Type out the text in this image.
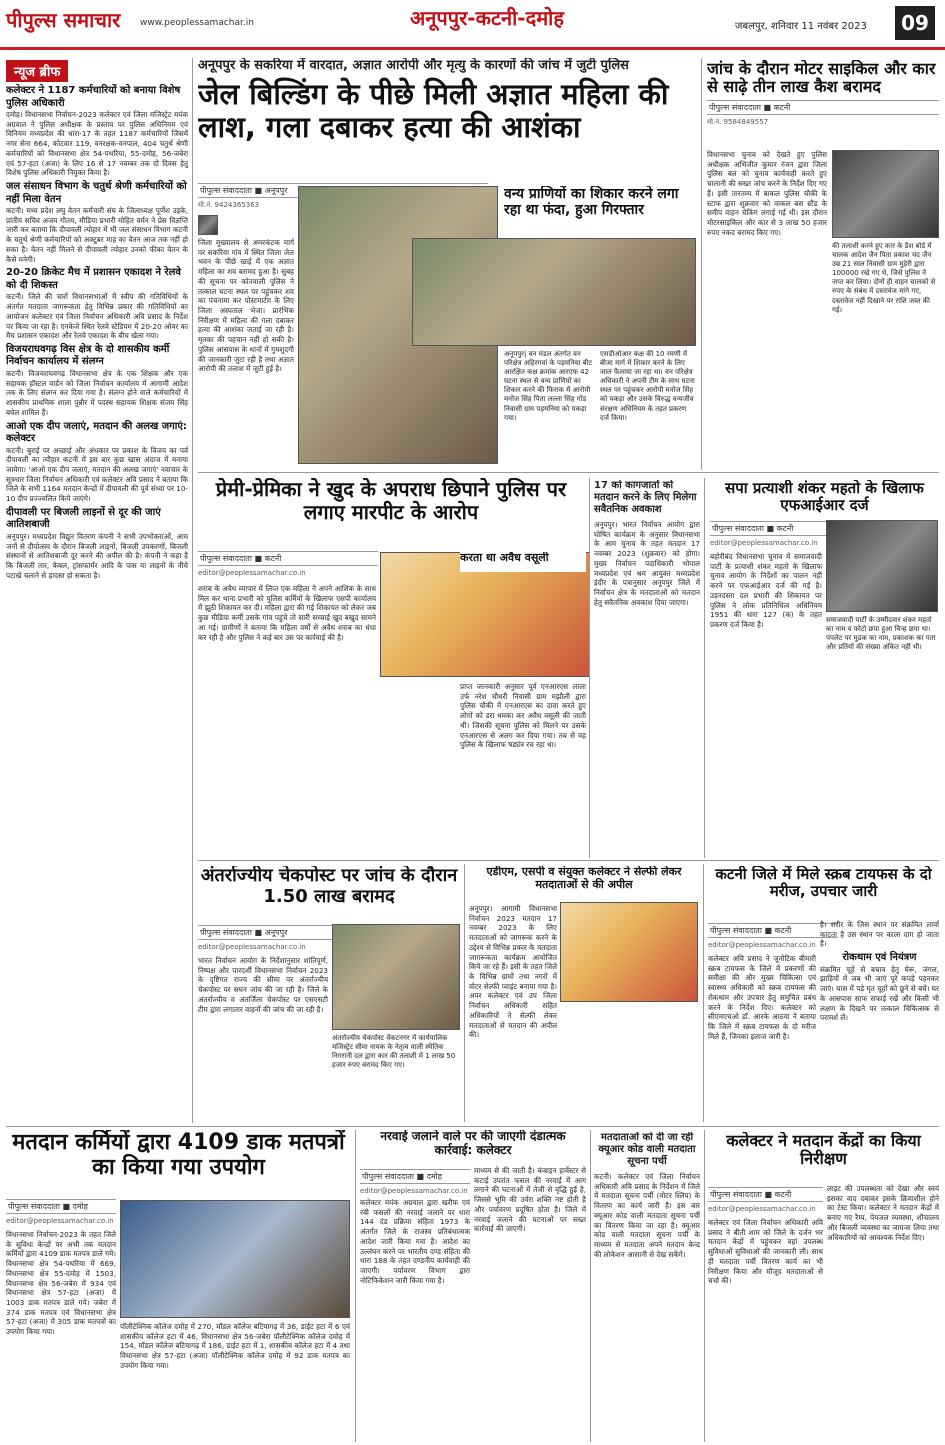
पीपुल्स समाचार www.peoplessamachar.in	अनूपपुर-कटनी-दमोह	जबलपुर, शनिवार 11 नवंबर 2023	09
न्यूज ब्रीफ
कलेक्टर ने 1187 कर्मचारियों को बनाया विशेष पुलिस अधिकारी
दमोह। विधानसभा निर्वाचन-2023 कलेक्टर एवं जिला मजिस्ट्रेट मयंक अग्रवाल ने पुलिस अधीक्षक के प्रस्ताव पर पुलिस अधिनियम एवं विनियम मध्यप्रदेश की धारा-17 के तहत 1187 कर्मचारियों जिसमें नगर सेना 664, कोटवार 119, वनरक्षक-वनपाल, 404 चतुर्थ श्रेणी कर्मचारियों को विधानसभा क्षेत्र 54-पथरिया, 55-दमोह, 56-जबेरा एवं 57-हटा (अजा) के लिए 16 से 17 नवम्बर तक दो दिवस हेतु विशेष पुलिस अधिकारी नियुक्त किया है।
जल संसाधन विभाग के चतुर्थ श्रेणी कर्मचारियों को नहीं मिला वेतन
कटनी। मध्य प्रदेश लघु वेतन कर्मचारी संघ के जिलाध्यक्ष पूर्णेश उइके, प्रांतीय सचिव अजय गौतम, मीडिया प्रभारी मोहित वर्मन ने प्रेस विज्ञप्ति जारी कर बताया कि दीपावली त्योहार में भी जल संसाधन विभाग कटनी के चतुर्थ श्रेणी कर्मचारियों को अक्टूबर माह का वेतन आज तक नहीं हो सका है। वेतन नहीं मिलने से दीपावली त्योहार उनको फीका वेतन के कैसे मनेगी।
20-20 क्रिकेट मैच में प्रशासन एकादश ने रेलवे को दी शिकस्त
कटनी। जिले की चारों विधानसभाओं में स्वीप की गतिविधियों के अंतर्गत मतदाता जागरूकता हेतु विभिन्न प्रकार की गतिविधियों का आयोजन कलेक्टर एवं जिला निर्वाचन अधिकारी अवि प्रसाद के निर्देश पर किया जा रहा है। एनकेजे स्थित रेलवे स्टेडियम में 20-20 ओवर का मैच प्रशासन एकादश और रेलवे एकादश के बीच खेला गया।
विजयराघवगढ़ विस क्षेत्र के दो शासकीय कर्मी निर्वाचन कार्यालय में संलग्न
कटनी। विजयराघवगढ़ विधानसभा क्षेत्र के एक शिक्षक और एक सहायक हॉस्टल वार्डन को जिला निर्वाचन कार्यालय में आगामी आदेश तक के लिए संलग्न कर दिया गया है। संलग्न होने वाले कर्मचारियों में शासकीय प्राथमिक शाला पुन्नौर में पदस्थ सहायक शिक्षक संजय सिंह बघेल शामिल हैं।
आओ एक दीप जलाएं, मतदान की अलख जगाएं: कलेक्टर
कटनी। बुराई पर अच्छाई और अंधकार पर प्रकाश के विजय का पर्व दीपावली का त्यौहार कटनी में इस बार कुछ खास अंदाज में मनाया जायेगा। 'आओ एक दीप जलाएं, मतदान की अलख जगाएं' नवाचार के सूत्रधार जिला निर्वाचन अधिकारी एवं कलेक्टर अवि प्रसाद ने बताया कि जिले के सभी 1164 मतदान केन्द्रों में दीपावली की पूर्व संध्या पर 10-10 दीप प्रज्ज्वलित किये जाएंगे।
दीपावली पर बिजली लाइनों से दूर की जाएं आतिशबाजी
अनूपपुर। मध्यप्रदेश विद्युत वितरण कंपनी ने सभी उपभोक्ताओं, आम जनों से दीपोत्सव के दौरान बिजली लाइनों, बिजली उपकरणों, बिजली संस्थानों से आतिशबाजी दूर करने की अपील की है। कंपनी ने कहा है कि बिजली तार, केबल, ट्रांसफार्मर आदि के पास या लाइनों के नीचे पटाखे चलाने से हादसा हो सकता है।
अनूपपुर के सकरिया में वारदात, अज्ञात आरोपी और मृत्यु के कारणों की जांच में जुटी पुलिस
जेल बिल्डिंग के पीछे मिली अज्ञात महिला की लाश, गला दबाकर हत्या की आशंका
पीपुल्स संवाददाता ■ अनूपपुर
मो.नं. 9424365363
जिला मुख्यालय से अमरकंटक मार्ग पर सकरिया गांव में स्थित जिला जेल भवन के पीछे खाई में एक अज्ञात महिला का शव बरामद हुआ है। सुबह की सूचना पर कोतवाली पुलिस ने तत्काल घटना स्थल पर पहुंचकर शव का पंचनामा कर पोस्टमार्टम के लिए जिला अस्पताल भेजा। प्रारंभिक निरीक्षण में महिला की गला दबाकर हत्या की आशंका जताई जा रही है। मृतका की पहचान नहीं हो सकी है। पुलिस आसपास के थानों में गुमशुदगी की जानकारी जुटा रही है तथा अज्ञात आरोपी की तलाश में जुटी हुई है।
वन्य प्राणियों का शिकार करने लगा रहा था फंदा, हुआ गिरफ्तार
अनूपपुर| वन मंडल अंतर्गत वन परिक्षेत्र अहिरगवां के पड़मनिया बीट आरक्षित कक्ष क्रमांक आरएफ 42 घटना स्थल से वन्य प्राणियों का शिकार करने की फिराक में आरोपी मनोज सिंह पिता लल्ला सिंह गोंड निवासी ग्राम पड़मनिया को पकड़ा गया।
एसडीओआर कक्ष की 10 रमणी में बीजा मार्ग में शिकार करने के लिए जाल फैलाया जा रहा था। वन परिक्षेत्र अधिकारी ने अपनी टीम के साथ घटना स्थल पर पहुंचकर आरोपी मनोज सिंह को पकड़ा और उसके विरुद्ध वन्यजीव संरक्षण अधिनियम के तहत प्रकरण दर्ज किया।
जांच के दौरान मोटर साइकिल और कार से साढ़े तीन लाख कैश बरामद
पीपुल्स संवाददाता ■ कटनी
मो.नं. 9584849557
विधानसभा चुनाव को देखते हुए पुलिस अधीक्षक अभिजीत कुमार रंजन द्वारा जिला पुलिस बल को चुनाव कार्यवाही करते हुए चालानी की सख्त जांच करने के निर्देश दिए गए हैं। इसी तारतम्य में बाकल पुलिस चौकी के स्टाफ द्वारा शुक्रवार को वाकल बस स्टैंड के समीप वाहन चेकिंग लगाई गई थी। इस दौरान मोटरसाइकिल और कार से 3 लाख 50 हजार रुपए नकद बरामद किए गए।
की तलाशी करने हुए कार के डैश बोर्ड में चालक आदेश जैन पिता प्रकाश चंद जैन उम्र 21 साल निवासी ग्राम मुड़ेरी द्वारा 100000 रखे गए थे, जिसे पुलिस ने जप्त कर लिया। दोनों ही वाहन चालकों से रुपए के संबंध में दस्तावेज मांगे गए, दस्तावेज नहीं दिखाने पर राशि जब्त की गई।
प्रेमी-प्रेमिका ने खुद के अपराध छिपाने पुलिस पर लगाए मारपीट के आरोप
पीपुल्स संवाददाता ■ कटनी
editor@peoplessamachar.co.in
शराब के अवैध व्यापार में लिप्त एक महिला ने अपने आशिक के साथ मिल कर थाना प्रभारी को पुलिस कर्मियों के खिलाफ एसपी कार्यालय में झूठी शिकायत कर दी। महिला द्वारा की गई शिकायत को लेकर जब कुछ मीडिया कर्मी उसके गांव पहुंचे तो सारी सच्चाई खुद बखुद सामने आ गई। ग्रामीणों ने बताया कि महिला वर्षों से अवैध शराब का धंधा कर रही है और पुलिस ने कई बार उस पर कार्रवाई की है।
करता था अवैध वसूली
प्राप्त जानकारी अनुसार पूर्व एनआरएस लाला उर्फ नरेश चौधरी निवासी ग्राम मझौली द्वारा पुलिस चौकी में एनआरएस का दावा करते हुए लोगों को डरा धमका कर अवैध वसूली की जाती थी। जिसकी सूचना पुलिस को मिलने पर उसके एनआरएस से अलग कर दिया गया। तब से वह पुलिस के खिलाफ षड्यंत्र रच रहा था।
17 को कागजातों को मतदान करने के लिए मिलेगा सवैतनिक अवकाश
अनूपपुर। भारत निर्वाचन आयोग द्वारा घोषित कार्यक्रम के अनुसार विधानसभा के आम चुनाव के तहत मतदान 17 नवम्बर 2023 (शुक्रवार) को होगा। मुख्य निर्वाचन पदाधिकारी भोपाल मध्यप्रदेश एवं श्रम आयुक्त मध्यप्रदेश इंदौर के पत्रानुसार अनूपपुर जिले में निर्वाचन क्षेत्र के मतदाताओं को मतदान हेतु सवैतनिक अवकाश दिया जाएगा।
सपा प्रत्याशी शंकर महतो के खिलाफ एफआईआर दर्ज
पीपुल्स संवाददाता ■ कटनी
editor@peoplessamachar.co.in
बहोरीबंद विधानसभा चुनाव में समाजवादी पार्टी के प्रत्याशी शंकर महतो के खिलाफ चुनाव आयोग के निर्देशों का पालन नहीं करने पर एफआईआर दर्ज की गई है। उड़नदस्ता दल प्रभारी की शिकायत पर पुलिस ने लोक प्रतिनिधित्व अधिनियम 1951 की धारा 127 (क) के तहत प्रकरण दर्ज किया है।
समाजवादी पार्टी के उम्मीदवार शंकर महतो का नाम व फोटो छपा हुआ चिन्ह छपा था। पंपलेट पर मुद्रक का नाम, प्रकाशक का पता और प्रतियों की संख्या अंकित नहीं थी।
अंतर्राज्यीय चेकपोस्ट पर जांच के दौरान 1.50 लाख बरामद
पीपुल्स संवाददाता ■ अनूपपुर
editor@peoplessamachar.co.in
भारत निर्वाचन आयोग के निर्देशानुसार शांतिपूर्ण, निष्पक्ष और पारदर्शी विधानसभा निर्वाचन 2023 के दृष्टिगत राज्य की सीमा पर अंतर्राज्यीय चेकपोस्ट पर सघन जांच की जा रही है। जिले के अंतर्राज्यीय व अंतर्जिला चेकपोस्ट पर एसएसटी टीम द्वारा लगातार वाहनों की जांच की जा रही है।
अंतर्राज्यीय चेकपोस्ट वेंकटनगर में कार्यपालिक मजिस्ट्रेट सीमा नायक के नेतृत्व वाली स्थैतिक निगरानी दल द्वारा कार की तलाशी में 1 लाख 50 हजार रुपए बरामद किए गए।
एडीएम, एसपी व संयुक्त कलेक्टर ने सेल्फी लेकर मतदाताओं से की अपील
अनूपपुर। आगामी विधानसभा निर्वाचन 2023 मतदान 17 नवम्बर 2023 के लिए मतदाताओं को जागरूक करने के उद्देश्य से विभिन्न प्रकार के मतदाता जागरूकता कार्यक्रम आयोजित किये जा रहे हैं। इसी के तहत जिले के विभिन्न ग्रामों तथा नगरों में वोटर सेल्फी प्वाइंट बनाया गया है। अपर कलेक्टर एवं उप जिला निर्वाचन अधिकारी सहित अधिकारियों ने सेल्फी लेकर मतदाताओं से मतदान की अपील की।
कटनी जिले में मिले स्क्रब टायफस के दो मरीज, उपचार जारी
पीपुल्स संवाददाता ■ कटनी
editor@peoplessamachar.co.in
कलेक्टर अवि प्रसाद ने जूनोटिक बीमारी स्क्रब टायफस के जिले में प्रकरणों की समीक्षा की और मुख्य चिकित्सा एवं स्वास्थ्य अधिकारी को स्क्रब टायफस की रोकथाम और उपचार हेतु समुचित प्रबंध करने के निर्देश दिए। कलेक्टर को सीएमएचओ डॉ. आरके आठया ने बताया कि जिले में स्क्रब टायफस के दो मरीज मिले हैं, जिनका इलाज जारी है।
है। शरीर के जिस स्थान पर संक्रमित लार्वा काटता है उस स्थान पर काला दाग हो जाता है।
रोकथाम एवं नियंत्रण
संक्रमित चूहे से बचाव हेतु घेरू, जंगल, झाड़ियों में जब भी जाएं पूरे कपड़े पहनकर जाएं। घास में पड़े मृत चूहों को छूने से बचें। घर के आसपास साफ सफाई रखें और किसी भी लक्षण के दिखने पर तत्काल चिकित्सक से परामर्श लें।
मतदान कर्मियों द्वारा 4109 डाक मतपत्रों का किया गया उपयोग
पीपुल्स संवाददाता ■ दमोह
editor@peoplessamachar.co.in
विधानसभा निर्वाचन-2023 के तहत जिले के सुविधा केन्द्रों पर अभी तक मतदान कर्मियों द्वारा 4109 डाक मतपत्र डाले गये। विधानसभा क्षेत्र 54-पथरिया में 669, विधानसभा क्षेत्र 55-दमोह में 1503, विधानसभा क्षेत्र 56-जबेरा में 934 एवं विधानसभा क्षेत्र 57-हटा (अजा) में 1003 डाक मतपत्र डाले गये। जबेरा में 374 डाक मतपत्र एवं विधानसभा क्षेत्र 57-हटा (अजा) में 305 डाक मतपत्रों का उपयोग किया गया।
पॉलीटेक्निक कॉलेज दमोह में 270, मॉडल कॉलेज बटियागढ़ में 36, डाईट हटा में 6 एवं शासकीय कॉलेज हटा में 46, विधानसभा क्षेत्र 56-जबेरा पॉलीटेक्निक कॉलेज दमोह में 154, मॉडल कॉलेज बटियागढ़ में 186, डाईट हटा में 1, शासकीय कॉलेज हटा में 4 तथा विधानसभा क्षेत्र 57-हटा (अजा) पॉलीटेक्निक कॉलेज दमोह में 92 डाक मतपत्र का उपयोग किया गया।
नरवाई जलाने वाले पर की जाएगी दंडात्मक कार्रवाई: कलेक्टर
पीपुल्स संवाददाता ■ दमोह
editor@peoplessamachar.co.in
कलेक्टर मयंक अग्रवाल द्वारा खरीफ एवं रबी फसलों की नरवाई जलाने पर धारा 144 दंड प्रक्रिया संहिता 1973 के अंतर्गत जिले के राजस्व प्रतिबंधात्मक आदेश जारी किया गया है। आदेश का उल्लंघन करने पर भारतीय दण्ड संहिता की धारा 188 के तहत दण्डनीय कार्यवाही की जाएगी। पर्यावरण विभाग द्वारा नोटिफिकेशन जारी किया गया है।
माध्यम से की जाती है। कंबाइन हार्वेस्टर से कटाई उपरांत फसल की नरवाई में आग लगाने की घटनाओं में तेजी से वृद्धि हुई है, जिससे भूमि की उर्वरा शक्ति नष्ट होती है और पर्यावरण प्रदूषित होता है। जिले में नरवाई जलाने की घटनाओं पर सख्त कार्रवाई की जाएगी।
मतदाताओं को दी जा रही क्यूआर कोड वाली मतदाता सूचना पर्ची
कटनी। कलेक्टर एवं जिला निर्वाचन अधिकारी अवि प्रसाद के निर्देशन में जिले में मतदाता सूचना पर्ची (वोटर स्लिप) के वितरण का कार्य जारी है। इस बार क्यूआर कोड वाली मतदाता सूचना पर्ची का वितरण किया जा रहा है। क्यूआर कोड वाली मतदाता सूचना पर्ची के माध्यम से मतदाता अपने मतदान केन्द्र की लोकेशन आसानी से देख सकेंगे।
कलेक्टर ने मतदान केंद्रों का किया निरीक्षण
पीपुल्स संवाददाता ■ कटनी
editor@peoplessamachar.co.in
कलेक्टर एवं जिला निर्वाचन अधिकारी अवि प्रसाद ने बीती शाम को जिले के दर्जन भर मतदान केंद्रों में पहुंचकर वहां उपलब्ध सुविधाओं सुविधाओं की जानकारी ली। साथ ही मतदाता पर्ची वितरण कार्य का भी निरीक्षण किया और मौजूद मतदाताओं से चर्चा की।
लाइट की उपलब्धता को देखा और स्वयं इसका वाद दबाकर इसके क्रियाशील होने का टेस्ट किया। कलेक्टर ने मतदान केंद्रों में बनाए गए रैम्प, पेयजल व्यवस्था, शौचालय और बिजली व्यवस्था का जायजा लिया तथा अधिकारियों को आवश्यक निर्देश दिए।
